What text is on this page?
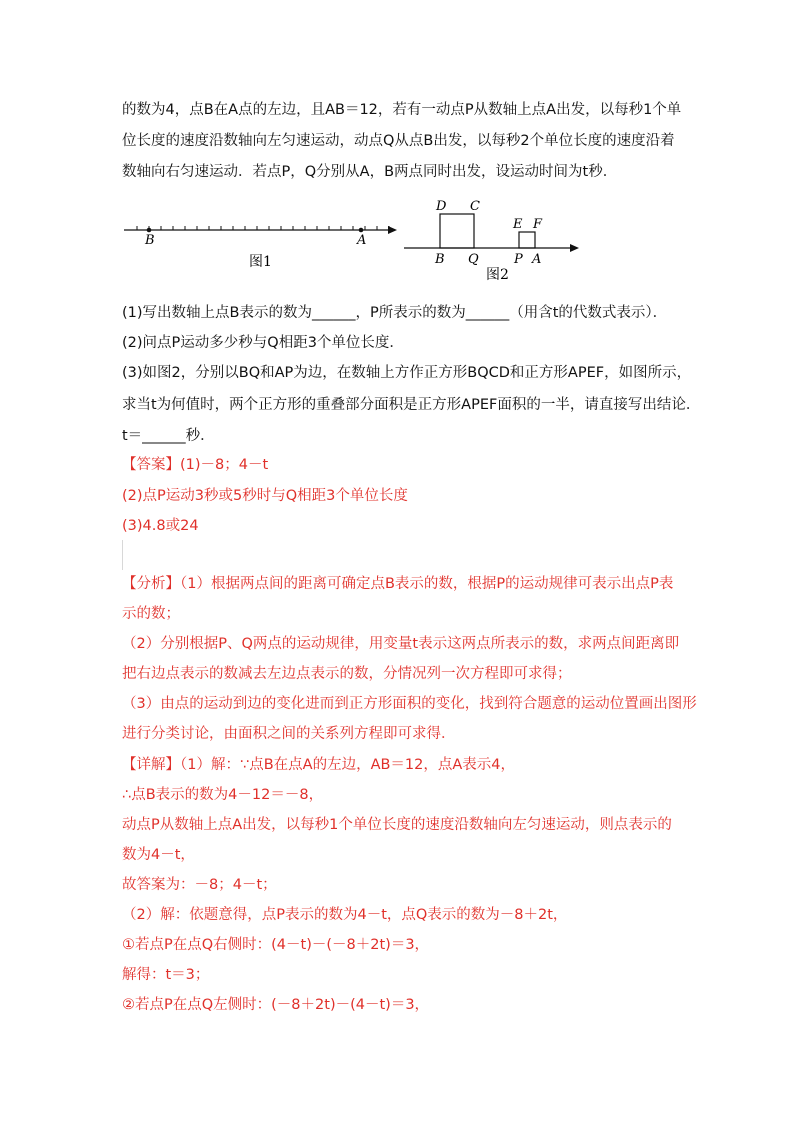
的数为4，点B在A点的左边，且AB＝12，若有一动点P从数轴上点A出发，以每秒1个单
位长度的速度沿数轴向左匀速运动，动点Q从点B出发，以每秒2个单位长度的速度沿着
数轴向右匀速运动．若点P，Q分别从A，B两点同时出发，设运动时间为t秒．
B	A
图1
D C
E F
B Q	P A
图2
(1)写出数轴上点B表示的数为______，P所表示的数为______（用含t的代数式表示）．
(2)问点P运动多少秒与Q相距3个单位长度．
(3)如图2，分别以BQ和AP为边，在数轴上方作正方形BQCD和正方形APEF，如图所示，
求当t为何值时，两个正方形的重叠部分面积是正方形APEF面积的一半，请直接写出结论．
t＝______秒．
【答案】(1)－8；4－t
(2)点P运动3秒或5秒时与Q相距3个单位长度
(3)4.8或24
【分析】（1）根据两点间的距离可确定点B表示的数，根据P的运动规律可表示出点P表
示的数；
（2）分别根据P、Q两点的运动规律，用变量t表示这两点所表示的数，求两点间距离即
把右边点表示的数减去左边点表示的数，分情况列一次方程即可求得；
（3）由点的运动到边的变化进而到正方形面积的变化，找到符合题意的运动位置画出图形
进行分类讨论，由面积之间的关系列方程即可求得．
【详解】（1）解：∵点B在点A的左边，AB＝12，点A表示4，
∴点B表示的数为4－12＝－8，
动点P从数轴上点A出发，以每秒1个单位长度的速度沿数轴向左匀速运动，则点表示的
数为4－t，
故答案为：－8；4－t；
（2）解：依题意得，点P表示的数为4－t，点Q表示的数为－8＋2t，
①若点P在点Q右侧时：(4－t)－(－8＋2t)＝3，
解得：t＝3；
②若点P在点Q左侧时：(－8＋2t)－(4－t)＝3，
